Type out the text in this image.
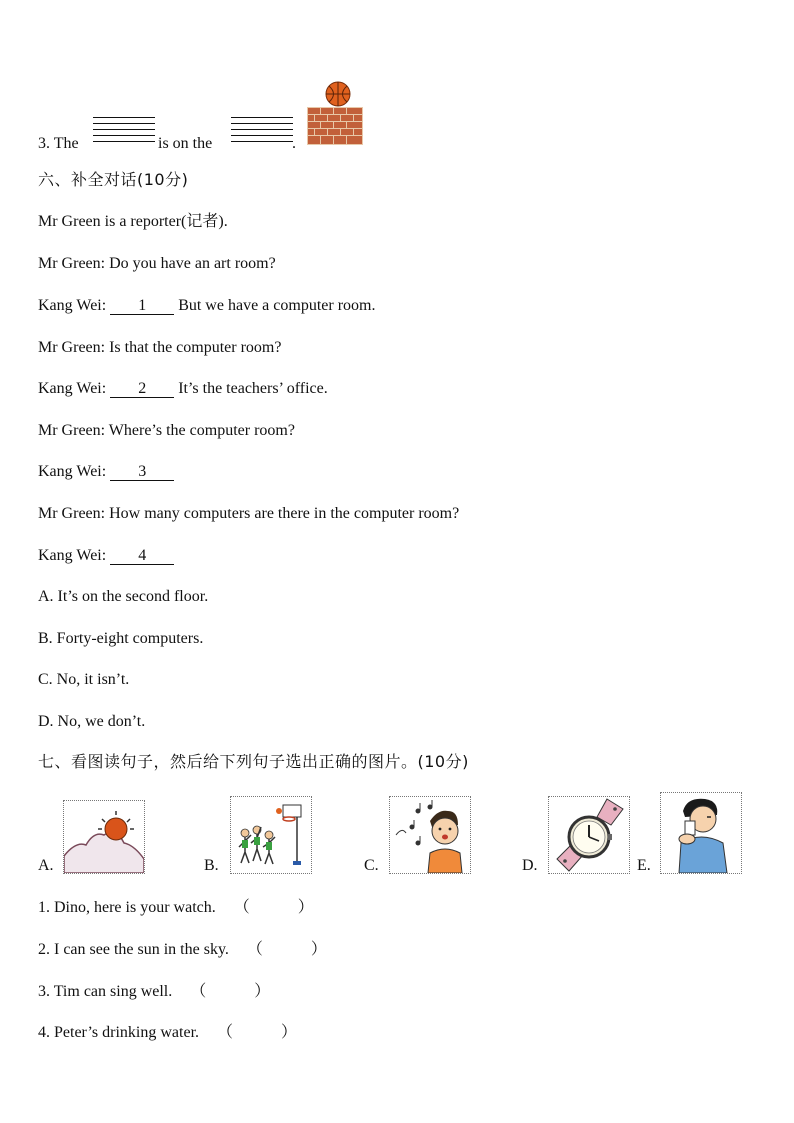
3. The	is on the	.
六、补全对话(10分)
Mr Green is a reporter(记者).
Mr Green: Do you have an art room?
Kang Wei: 1 But we have a computer room.
Mr Green: Is that the computer room?
Kang Wei: 2 It’s the teachers’ office.
Mr Green: Where’s the computer room?
Kang Wei: 3
Mr Green: How many computers are there in the computer room?
Kang Wei: 4
A. It’s on the second floor.
B. Forty-eight computers.
C. No, it isn’t.
D. No, we don’t.
七、看图读句子，然后给下列句子选出正确的图片。(10分)
A.	B.	C.	D.	E.
1. Dino, here is your watch. （　　　）
2. I can see the sun in the sky. （　　　）
3. Tim can sing well. （　　　）
4. Peter’s drinking water. （　　　）
